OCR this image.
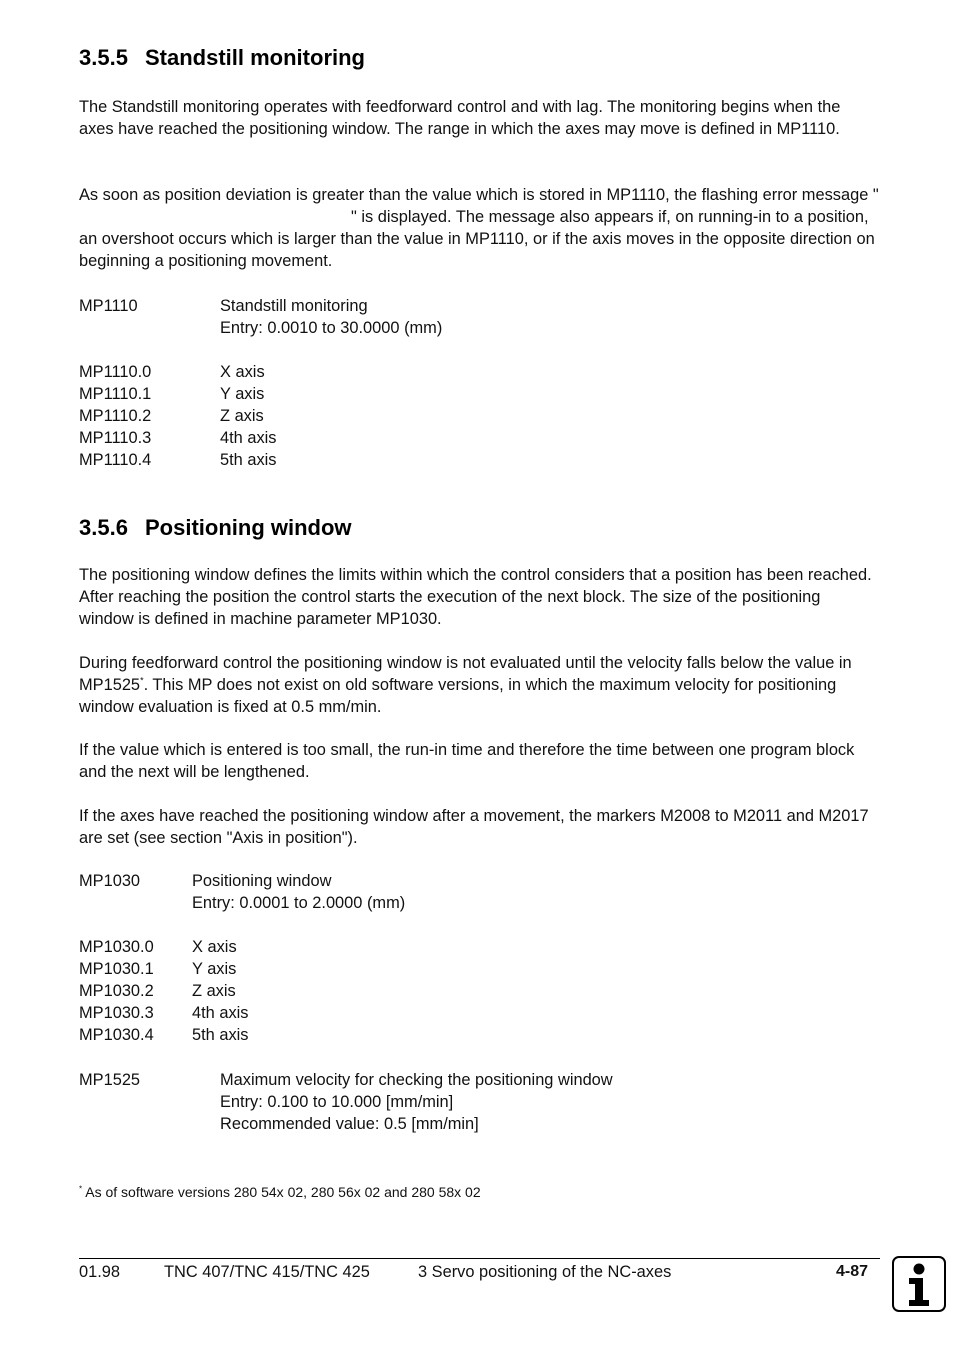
3.5.5 Standstill monitoring

The Standstill monitoring operates with feedforward control and with lag. The monitoring begins when the axes have reached the positioning window. The range in which the axes may move is defined in MP1110.

As soon as position deviation is greater than the value which is stored in MP1110, the flashing error message "" is displayed. The message also appears if, on running-in to a position, an overshoot occurs which is larger than the value in MP1110, or if the axis moves in the opposite direction on beginning a positioning movement.

MP1110	Standstill monitoring
Entry: 0.0010 to 30.0000 (mm)
MP1110.0	X axis
MP1110.1	Y axis
MP1110.2	Z axis
MP1110.3	4th axis
MP1110.4	5th axis
3.5.6 Positioning window

The positioning window defines the limits within which the control considers that a position has been reached. After reaching the position the control starts the execution of the next block. The size of the positioning window is defined in machine parameter MP1030.

During feedforward control the positioning window is not evaluated until the velocity falls below the value in MP1525*. This MP does not exist on old software versions, in which the maximum velocity for positioning window evaluation is fixed at 0.5 mm/min.

If the value which is entered is too small, the run-in time and therefore the time between one program block and the next will be lengthened.

If the axes have reached the positioning window after a movement, the markers M2008 to M2011 and M2017 are set (see section "Axis in position").

MP1030	Positioning window
Entry: 0.0001 to 2.0000 (mm)
MP1030.0 X axis
MP1030.1 Y axis
MP1030.2 Z axis
MP1030.3 4th axis
MP1030.4 5th axis
MP1525	Maximum velocity for checking the positioning window
Entry: 0.100 to 10.000 [mm/min]
Recommended value: 0.5 [mm/min]
* As of software versions 280 54x 02, 280 56x 02 and 280 58x 02
01.98	TNC 407/TNC 415/TNC 425	3 Servo positioning of the NC-axes	4-87
